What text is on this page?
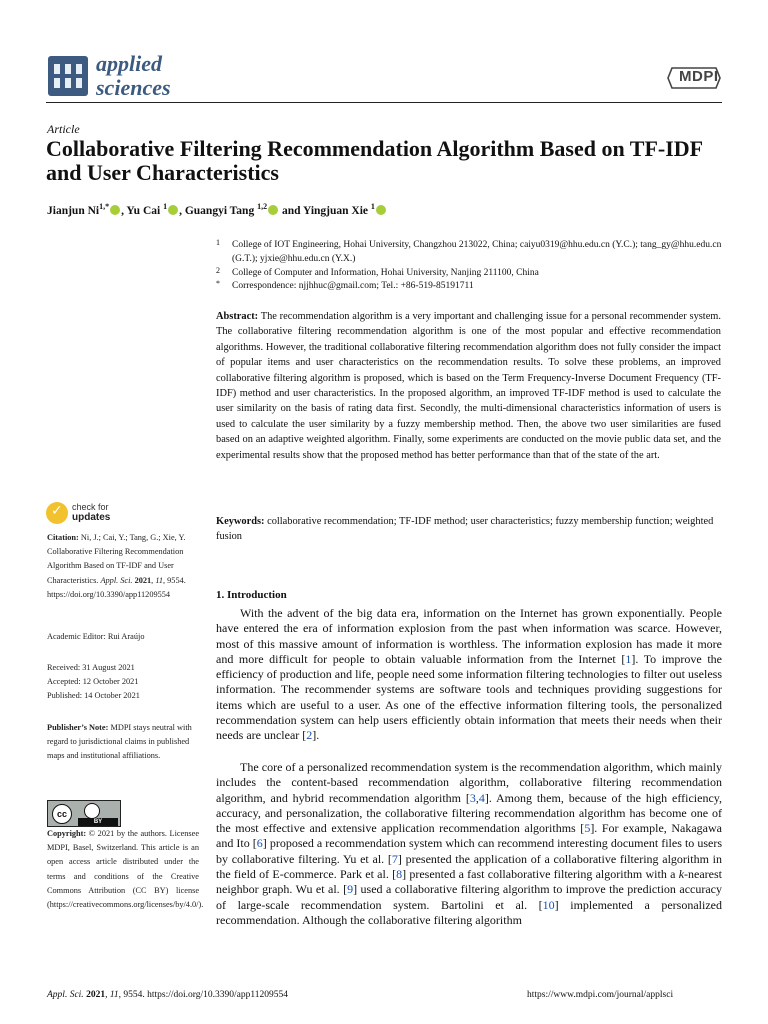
applied
sciences	MDPI
Article
Collaborative Filtering Recommendation Algorithm Based on TF-IDF and User Characteristics
Jianjun $Ni^{1,*}$ , Yu Cai $^1$ , Guangyi Tang $^{1,2}$ and Yingjuan Xie $^1$
1 College of IOT Engineering, Hohai University, Changzhou 213022, China; caiyu0319@hhu.edu.cn (Y.C.); tang_gy@hhu.edu.cn (G.T.); yjxie@hhu.edu.cn (Y.X.)
2 College of Computer and Information, Hohai University, Nanjing 211100, China
* Correspondence: njjhhuc@gmail.com; Tel.: +86-519-85191711
Abstract: The recommendation algorithm is a very important and challenging issue for a personal recommender system. The collaborative filtering recommendation algorithm is one of the most popular and effective recommendation algorithms. However, the traditional collaborative filtering recommendation algorithm does not fully consider the impact of popular items and user characteristics on the recommendation results. To solve these problems, an improved collaborative filtering algorithm is proposed, which is based on the Term Frequency-Inverse Document Frequency (TF-IDF) method and user characteristics. In the proposed algorithm, an improved TF-IDF method is used to calculate the user similarity on the basis of rating data first. Secondly, the multi-dimensional characteristics information of users is used to calculate the user similarity by a fuzzy membership method. Then, the above two user similarities are fused based on an adaptive weighted algorithm. Finally, some experiments are conducted on the movie public data set, and the experimental results show that the proposed method has better performance than that of the state of the art.
Keywords: collaborative recommendation; TF-IDF method; user characteristics; fuzzy membership function; weighted fusion
✓ check for
updates
Citation: Ni, J.; Cai, Y.; Tang, G.; Xie, Y. Collaborative Filtering Recommendation Algorithm Based on TF-IDF and User Characteristics. Appl. Sci. 2021, 11, 9554. https://doi.org/10.3390/app11209554
Academic Editor: Rui Araújo
Received: 31 August 2021
Accepted: 12 October 2021
Published: 14 October 2021
Publisher’s Note: MDPI stays neutral with regard to jurisdictional claims in published maps and institutional affiliations.
cc
BY
Copyright: © 2021 by the authors. Licensee MDPI, Basel, Switzerland. This article is an open access article distributed under the terms and conditions of the Creative Commons Attribution (CC BY) license (https://creativecommons.org/licenses/by/4.0/).
1. Introduction
With the advent of the big data era, information on the Internet has grown exponentially. People have entered the era of information explosion from the past when information was scarce. However, most of this massive amount of information is worthless. The information explosion has made it more and more difficult for people to obtain valuable information from the Internet [1]. To improve the efficiency of production and life, people need some information filtering technologies to filter out useless information. The recommender systems are software tools and techniques providing suggestions for items which are useful to a user. As one of the effective information filtering tools, the personalized recommendation system can help users efficiently obtain information that meets their needs when their needs are unclear [2].
The core of a personalized recommendation system is the recommendation algorithm, which mainly includes the content-based recommendation algorithm, collaborative filtering recommendation algorithm, and hybrid recommendation algorithm [3,4]. Among them, because of the high efficiency, accuracy, and personalization, the collaborative filtering recommendation algorithm has become one of the most effective and extensive application recommendation algorithms [5]. For example, Nakagawa and Ito [6] proposed a recommendation system which can recommend interesting document files to users by collaborative filtering. Yu et al. [7] presented the application of a collaborative filtering algorithm in the field of E-commerce. Park et al. [8] presented a fast collaborative filtering algorithm with a k-nearest neighbor graph. Wu et al. [9] used a collaborative filtering algorithm to improve the prediction accuracy of large-scale recommendation system. Bartolini et al. [10] implemented a personalized recommendation. Although the collaborative filtering algorithm
Appl. Sci. 2021, 11, 9554. https://doi.org/10.3390/app11209554	https://www.mdpi.com/journal/applsci
